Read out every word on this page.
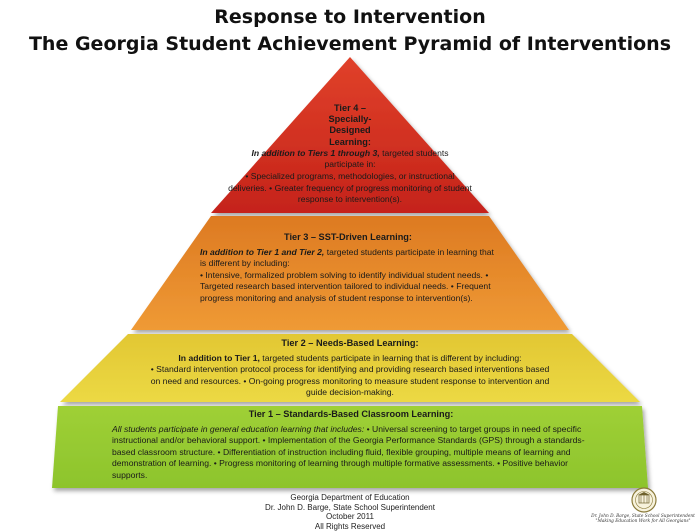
Response to Intervention
The Georgia Student Achievement Pyramid of Interventions
Tier 4 –
Specially-
Designed
Learning:
In addition to Tiers 1 through 3, targeted students participate in:
• Specialized programs, methodologies, or instructional deliveries. • Greater frequency of progress monitoring of student response to intervention(s).
Tier 3 – SST-Driven Learning:
In addition to Tier 1 and Tier 2, targeted students participate in learning that is different by including:
• Intensive, formalized problem solving to identify individual student needs. • Targeted research based intervention tailored to individual needs. • Frequent progress monitoring and analysis of student response to intervention(s).
Tier 2 – Needs-Based Learning:
In addition to Tier 1, targeted students participate in learning that is different by including:
• Standard intervention protocol process for identifying and providing research based interventions based on need and resources. • On-going progress monitoring to measure student response to intervention and guide decision-making.
Tier 1 – Standards-Based Classroom Learning:
All students participate in general education learning that includes: • Universal screening to target groups in need of specific instructional and/or behavioral support. • Implementation of the Georgia Performance Standards (GPS) through a standards-based classroom structure. • Differentiation of instruction including fluid, flexible grouping, multiple means of learning and demonstration of learning. • Progress monitoring of learning through multiple formative assessments. • Positive behavior supports.
Georgia Department of Education
Dr. John D. Barge, State School Superintendent
October 2011
All Rights Reserved
Dr. John D. Barge, State School Superintendent
"Making Education Work for All Georgians"
